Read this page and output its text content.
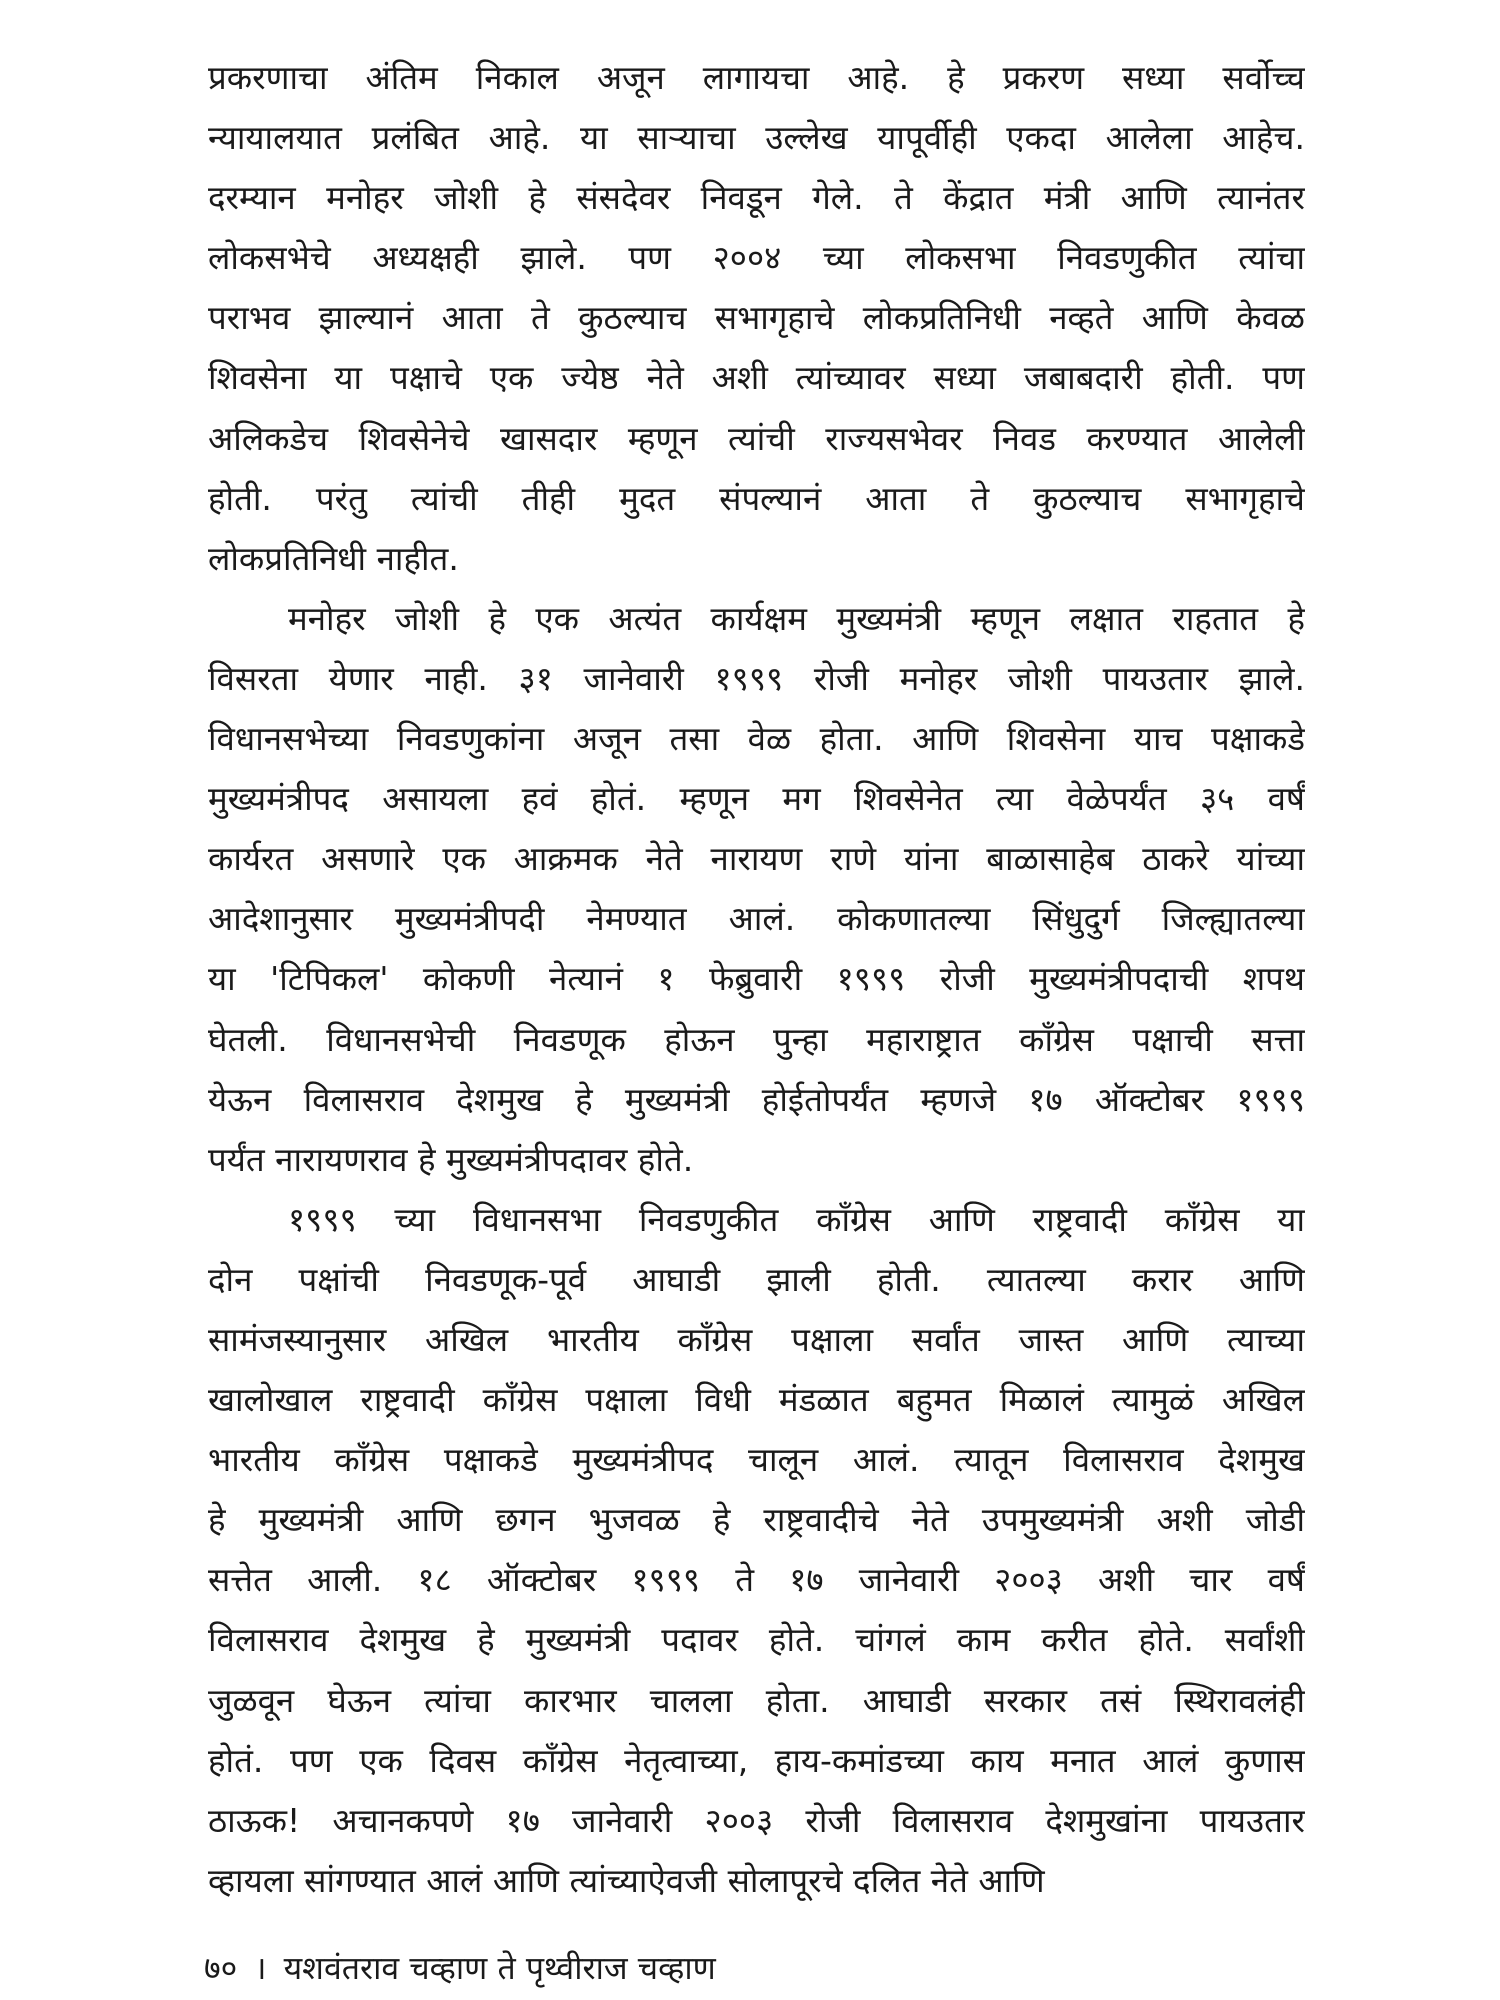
प्रकरणाचा अंतिम निकाल अजून लागायचा आहे. हे प्रकरण सध्या सर्वोच्च
न्यायालयात प्रलंबित आहे. या साऱ्याचा उल्लेख यापूर्वीही एकदा आलेला आहेच.
दरम्यान मनोहर जोशी हे संसदेवर निवडून गेले. ते केंद्रात मंत्री आणि त्यानंतर
लोकसभेचे अध्यक्षही झाले. पण २००४ च्या लोकसभा निवडणुकीत त्यांचा
पराभव झाल्यानं आता ते कुठल्याच सभागृहाचे लोकप्रतिनिधी नव्हते आणि केवळ
शिवसेना या पक्षाचे एक ज्येष्ठ नेते अशी त्यांच्यावर सध्या जबाबदारी होती. पण
अलिकडेच शिवसेनेचे खासदार म्हणून त्यांची राज्यसभेवर निवड करण्यात आलेली
होती. परंतु त्यांची तीही मुदत संपल्यानं आता ते कुठल्याच सभागृहाचे
लोकप्रतिनिधी नाहीत.
मनोहर जोशी हे एक अत्यंत कार्यक्षम मुख्यमंत्री म्हणून लक्षात राहतात हे
विसरता येणार नाही. ३१ जानेवारी १९९९ रोजी मनोहर जोशी पायउतार झाले.
विधानसभेच्या निवडणुकांना अजून तसा वेळ होता. आणि शिवसेना याच पक्षाकडे
मुख्यमंत्रीपद असायला हवं होतं. म्हणून मग शिवसेनेत त्या वेळेपर्यंत ३५ वर्षं
कार्यरत असणारे एक आक्रमक नेते नारायण राणे यांना बाळासाहेब ठाकरे यांच्या
आदेशानुसार मुख्यमंत्रीपदी नेमण्यात आलं. कोकणातल्या सिंधुदुर्ग जिल्ह्यातल्या
या 'टिपिकल' कोकणी नेत्यानं १ फेब्रुवारी १९९९ रोजी मुख्यमंत्रीपदाची शपथ
घेतली. विधानसभेची निवडणूक होऊन पुन्हा महाराष्ट्रात काँग्रेस पक्षाची सत्ता
येऊन विलासराव देशमुख हे मुख्यमंत्री होईतोपर्यंत म्हणजे १७ ऑक्टोबर १९९९
पर्यंत नारायणराव हे मुख्यमंत्रीपदावर होते.
१९९९ च्या विधानसभा निवडणुकीत काँग्रेस आणि राष्ट्रवादी काँग्रेस या
दोन पक्षांची निवडणूक-पूर्व आघाडी झाली होती. त्यातल्या करार आणि
सामंजस्यानुसार अखिल भारतीय काँग्रेस पक्षाला सर्वांत जास्त आणि त्याच्या
खालोखाल राष्ट्रवादी काँग्रेस पक्षाला विधी मंडळात बहुमत मिळालं त्यामुळं अखिल
भारतीय काँग्रेस पक्षाकडे मुख्यमंत्रीपद चालून आलं. त्यातून विलासराव देशमुख
हे मुख्यमंत्री आणि छगन भुजवळ हे राष्ट्रवादीचे नेते उपमुख्यमंत्री अशी जोडी
सत्तेत आली. १८ ऑक्टोबर १९९९ ते १७ जानेवारी २००३ अशी चार वर्षं
विलासराव देशमुख हे मुख्यमंत्री पदावर होते. चांगलं काम करीत होते. सर्वांशी
जुळवून घेऊन त्यांचा कारभार चालला होता. आघाडी सरकार तसं स्थिरावलंही
होतं. पण एक दिवस काँग्रेस नेतृत्वाच्या, हाय-कमांडच्या काय मनात आलं कुणास
ठाऊक! अचानकपणे १७ जानेवारी २००३ रोजी विलासराव देशमुखांना पायउतार
व्हायला सांगण्यात आलं आणि त्यांच्याऐवजी सोलापूरचे दलित नेते आणि
७० । यशवंतराव चव्हाण ते पृथ्वीराज चव्हाण
